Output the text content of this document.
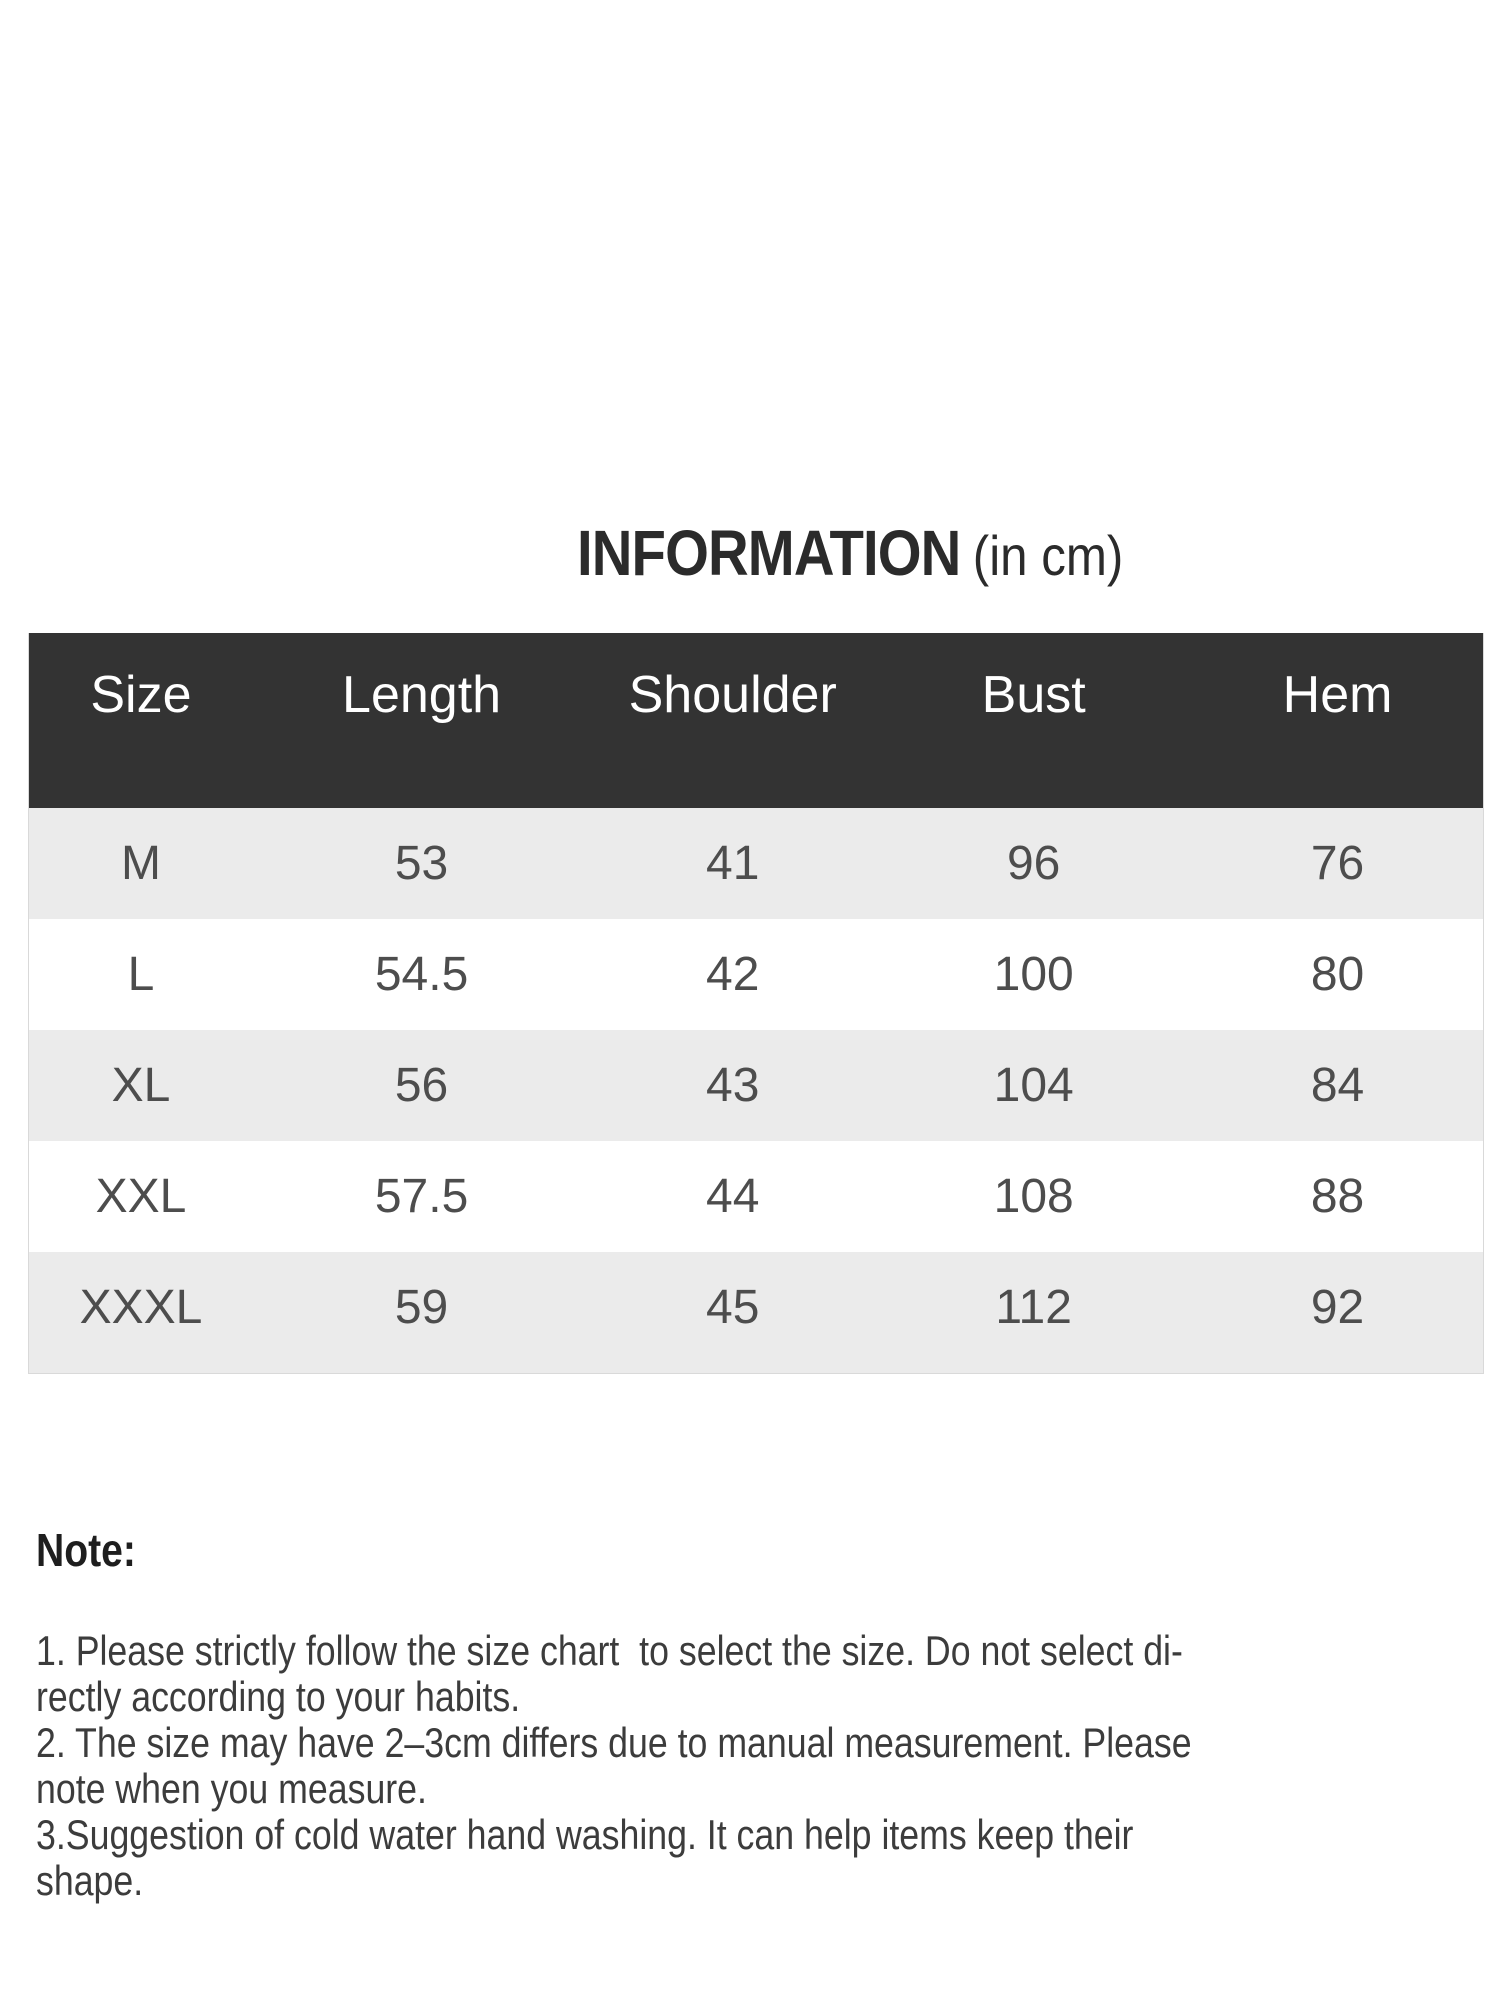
INFORMATION (in cm)
Size	Length	Shoulder	Bust	Hem
M	53	41	96	76
L	54.5	42	100	80
XL	56	43	104	84
XXL	57.5	44	108	88
XXXL	59	45	112	92
Note:
1. Please strictly follow the size chart  to select the size. Do not select di-
rectly according to your habits.
2. The size may have 2–3cm differs due to manual measurement. Please
note when you measure.
3.Suggestion of cold water hand washing. It can help items keep their
shape.
